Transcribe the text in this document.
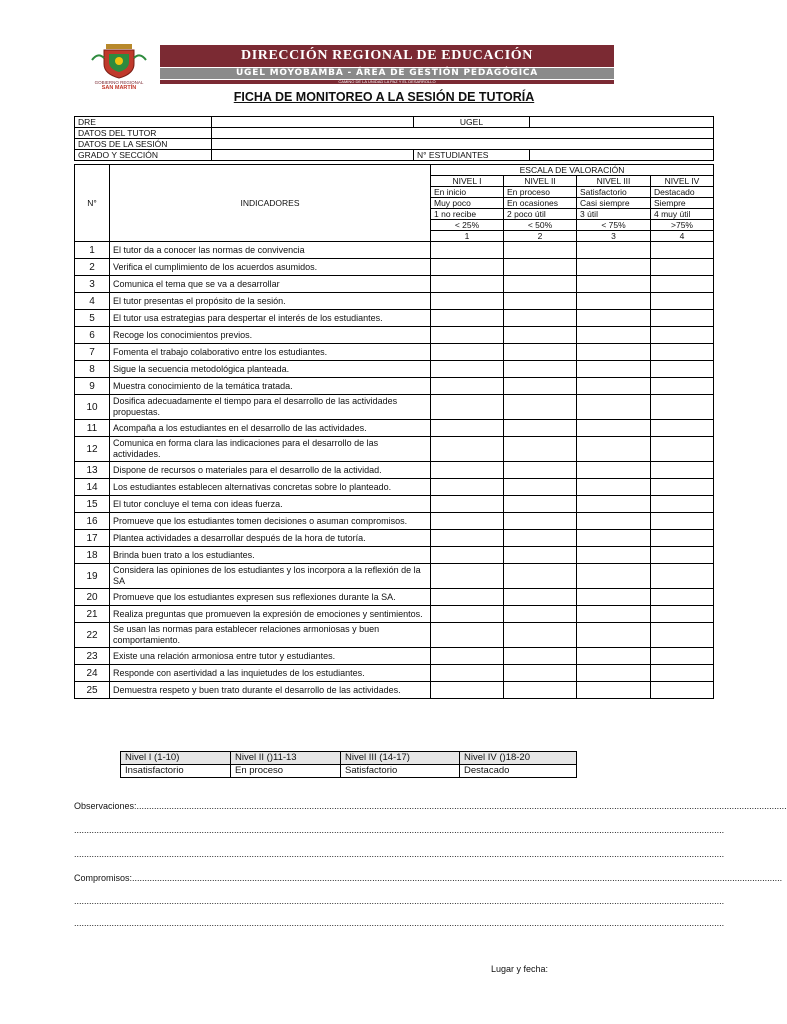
GOBIERNO REGIONAL
SAN MARTÍN
DIRECCIÓN REGIONAL DE EDUCACIÓN
UGEL MOYOBAMBA - ÁREA DE GESTIÓN PEDAGÓGICA
CAMINO DE LA UNIDAD LA PAZ Y EL DESARROLLO
FICHA DE MONITOREO A LA SESIÓN DE TUTORÍA
DRE		UGEL	
DATOS DEL TUTOR			
DATOS DE LA SESIÓN			
GRADO Y SECCIÓN		N° ESTUDIANTES	
N°	INDICADORES	ESCALA DE VALORACIÓN			
		NIVEL I	NIVEL II	NIVEL III	NIVEL IV
		En inicio	En proceso	Satisfactorio	Destacado
		Muy poco	En ocasiones	Casi siempre	Siempre
		1 no recibe	2 poco útil	3 útil	4 muy útil
		< 25%	< 50%	< 75%	>75%
		1	2	3	4
1	El tutor da a conocer las normas de convivencia				
2	Verifica el cumplimiento de los acuerdos asumidos.				
3	Comunica el tema que se va a desarrollar				
4	El tutor presentas el propósito de la sesión.				
5	El tutor usa estrategias para despertar el interés de los estudiantes.				
6	Recoge los conocimientos previos.				
7	Fomenta el trabajo colaborativo entre los estudiantes.				
8	Sigue la secuencia metodológica planteada.				
9	Muestra conocimiento de la temática tratada.				
10	Dosifica adecuadamente el tiempo para el desarrollo de las actividades propuestas.				
11	Acompaña a los estudiantes en el desarrollo de las actividades.				
12	Comunica en forma clara las indicaciones para el desarrollo de las actividades.				
13	Dispone de recursos o materiales para el desarrollo de la actividad.				
14	Los estudiantes establecen alternativas concretas sobre lo planteado.				
15	El tutor concluye el tema con ideas fuerza.				
16	Promueve que los estudiantes tomen decisiones o asuman compromisos.				
17	Plantea actividades a desarrollar después de la hora de tutoría.				
18	Brinda buen trato a los estudiantes.				
19	Considera las opiniones de los estudiantes y los incorpora a la reflexión de la SA				
20	Promueve que los estudiantes expresen sus reflexiones durante la SA.				
21	Realiza preguntas que promueven la expresión de emociones y sentimientos.				
22	Se usan las normas para establecer relaciones armoniosas y buen comportamiento.				
23	Existe una relación armoniosa entre tutor y estudiantes.				
24	Responde con asertividad a las inquietudes de los estudiantes.				
25	Demuestra respeto y buen trato durante el desarrollo de las actividades.				
Nivel I (1-10)	Nivel II ()11-13	Nivel III (14-17)	Nivel IV ()18-20
Insatisfactorio	En proceso	Satisfactorio	Destacado
Observaciones:....................................................................................................................................................................................................................................................................
....................................................................................................................................................................................................................................................................
....................................................................................................................................................................................................................................................................
Compromisos:....................................................................................................................................................................................................................................................................
....................................................................................................................................................................................................................................................................
....................................................................................................................................................................................................................................................................
Lugar y fecha:
